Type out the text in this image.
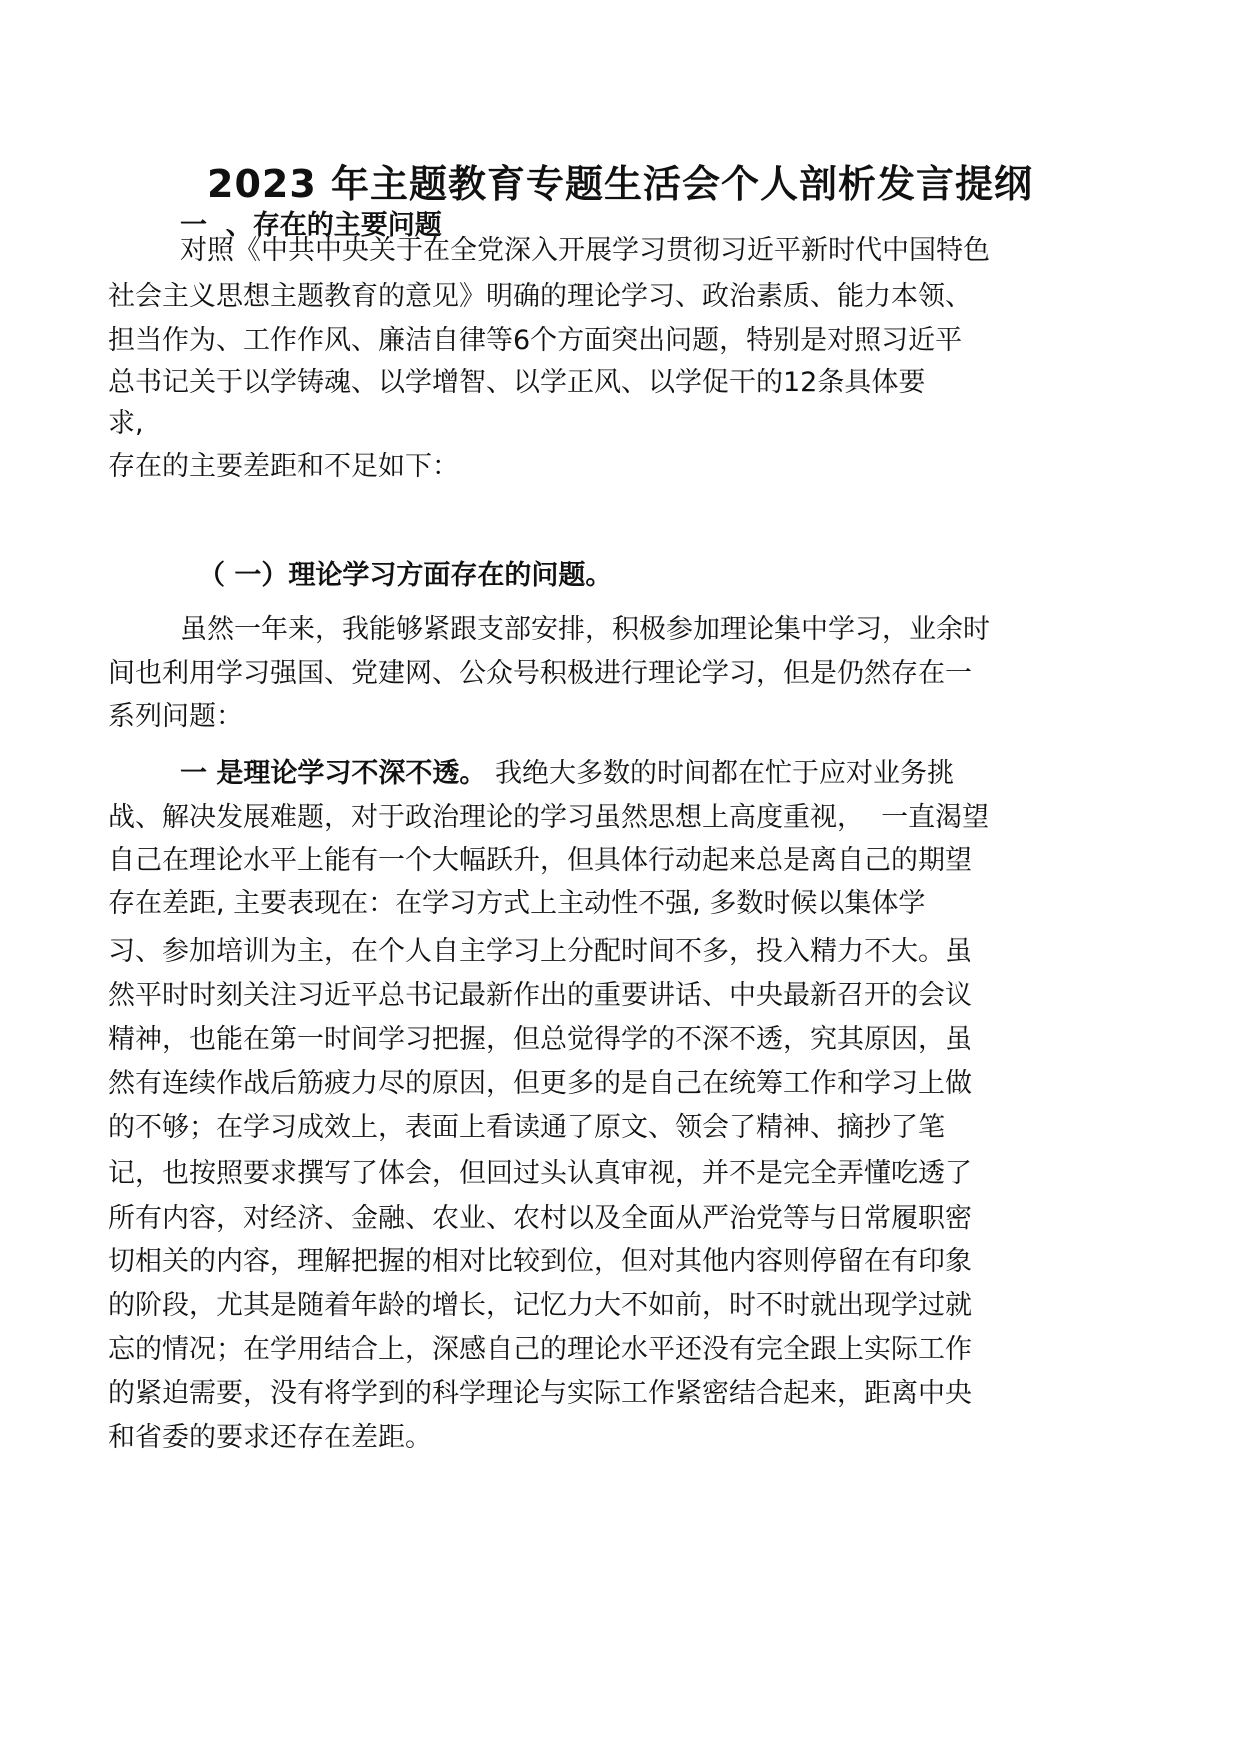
2023 年主题教育专题生活会个人剖析发言提纲
一  、存在的主要问题
对照《中共中央关于在全党深入开展学习贯彻习近平新时代中国特色
社会主义思想主题教育的意见》明确的理论学习、政治素质、能力本领、
担当作为、工作作风、廉洁自律等6个方面突出问题，特别是对照习近平
总书记关于以学铸魂、以学增智、以学正风、以学促干的12条具体要
求,
存在的主要差距和不足如下：
（ 一）理论学习方面存在的问题。
虽然一年来，我能够紧跟支部安排，积极参加理论集中学习，业余时
间也利用学习强国、党建网、公众号积极进行理论学习，但是仍然存在一
系列问题：
一 是理论学习不深不透。 我绝大多数的时间都在忙于应对业务挑
战、解决发展难题，对于政治理论的学习虽然思想上高度重视，  一直渴望
自己在理论水平上能有一个大幅跃升，但具体行动起来总是离自己的期望
存在差距, 主要表现在：在学习方式上主动性不强, 多数时候以集体学
习、参加培训为主，在个人自主学习上分配时间不多，投入精力不大。虽
然平时时刻关注习近平总书记最新作出的重要讲话、中央最新召开的会议
精神，也能在第一时间学习把握，但总觉得学的不深不透，究其原因，虽
然有连续作战后筋疲力尽的原因，但更多的是自己在统筹工作和学习上做
的不够；在学习成效上，表面上看读通了原文、领会了精神、摘抄了笔
记，也按照要求撰写了体会，但回过头认真审视，并不是完全弄懂吃透了
所有内容，对经济、金融、农业、农村以及全面从严治党等与日常履职密
切相关的内容，理解把握的相对比较到位，但对其他内容则停留在有印象
的阶段，尤其是随着年龄的增长，记忆力大不如前，时不时就出现学过就
忘的情况；在学用结合上，深感自己的理论水平还没有完全跟上实际工作
的紧迫需要，没有将学到的科学理论与实际工作紧密结合起来，距离中央
和省委的要求还存在差距。
